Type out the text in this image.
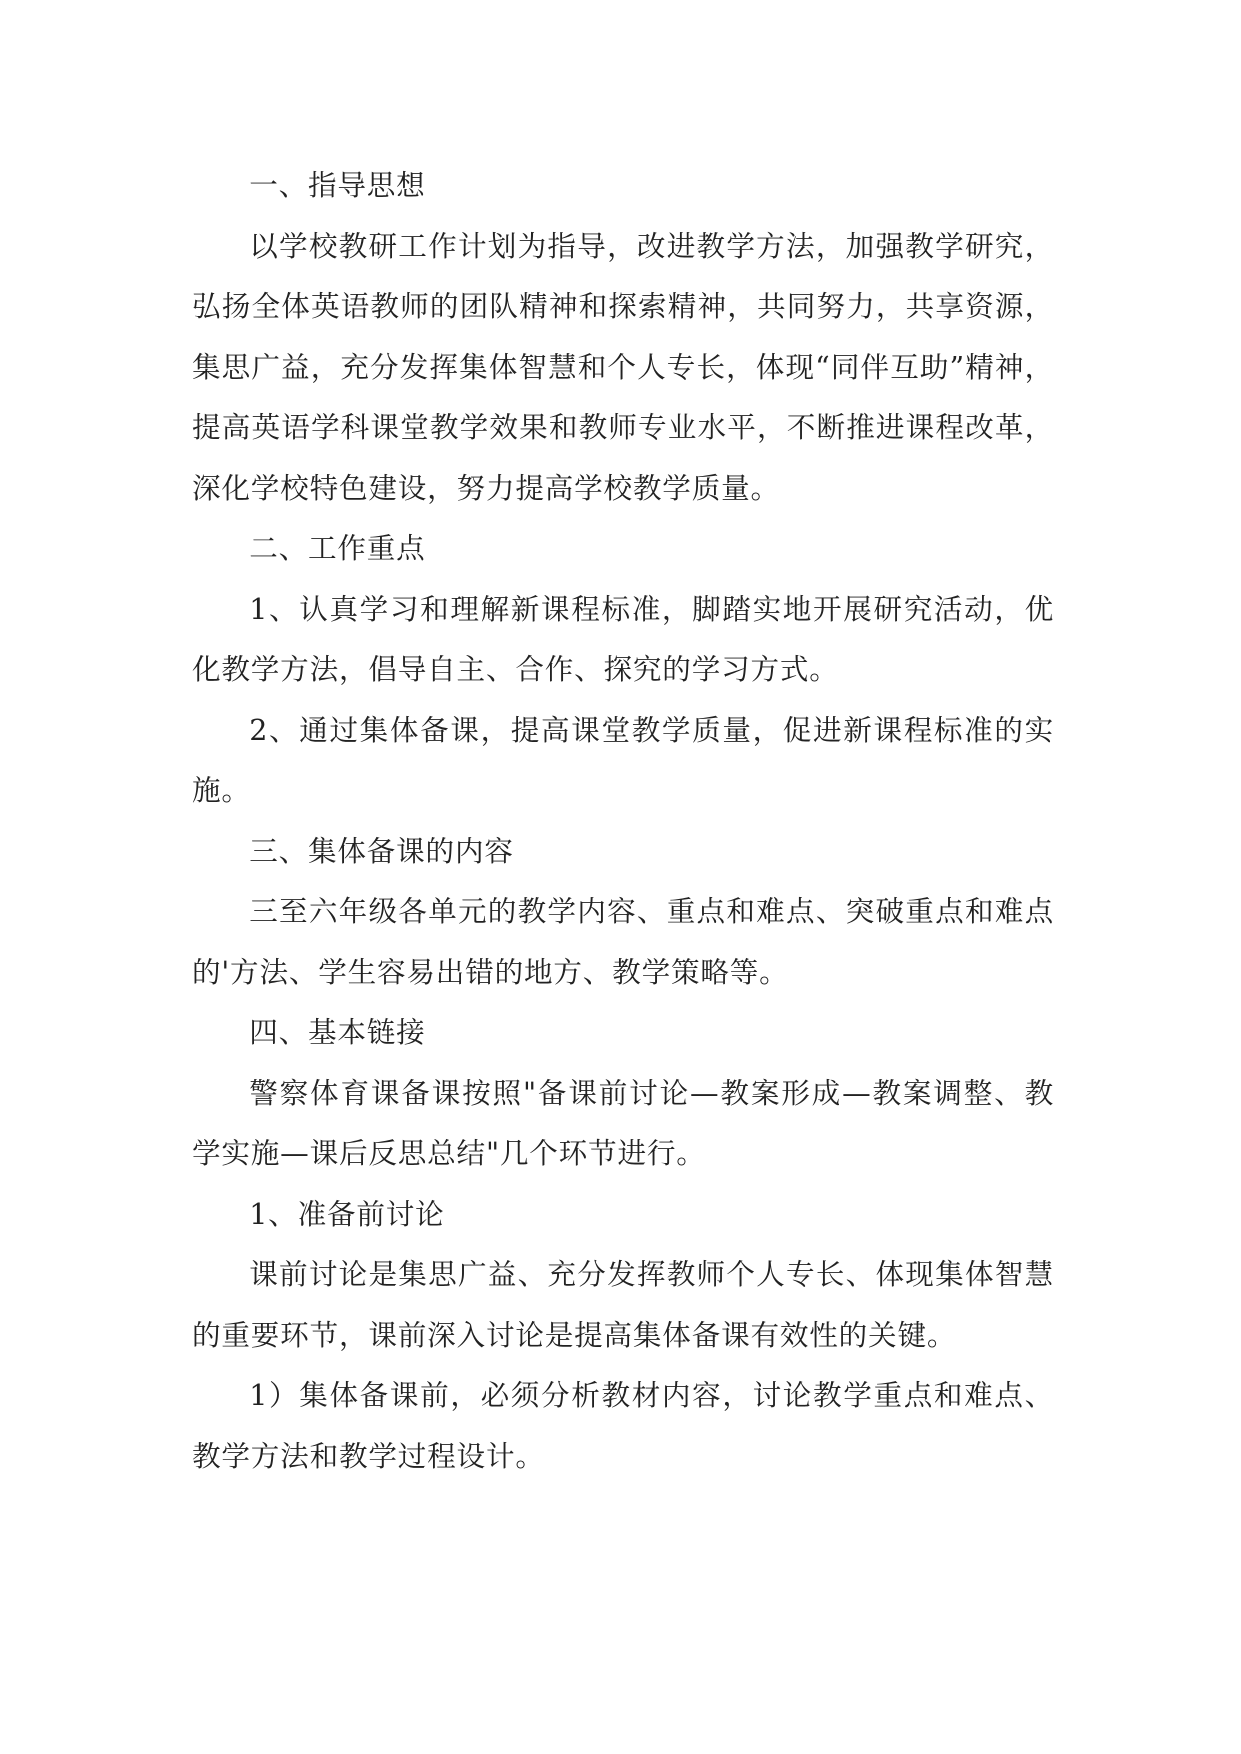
一、指导思想

以学校教研工作计划为指导，改进教学方法，加强教学研究，弘扬全体英语教师的团队精神和探索精神，共同努力，共享资源，集思广益，充分发挥集体智慧和个人专长，体现“同伴互助”精神，提高英语学科课堂教学效果和教师专业水平，不断推进课程改革，深化学校特色建设，努力提高学校教学质量。

二、工作重点

1、认真学习和理解新课程标准，脚踏实地开展研究活动，优化教学方法，倡导自主、合作、探究的学习方式。

2、通过集体备课，提高课堂教学质量，促进新课程标准的实施。

三、集体备课的内容

三至六年级各单元的教学内容、重点和难点、突破重点和难点的'方法、学生容易出错的地方、教学策略等。

四、基本链接

警察体育课备课按照"备课前讨论—教案形成—教案调整、教学实施—课后反思总结"几个环节进行。

1、准备前讨论

课前讨论是集思广益、充分发挥教师个人专长、体现集体智慧的重要环节，课前深入讨论是提高集体备课有效性的关键。

1）集体备课前，必须分析教材内容，讨论教学重点和难点、教学方法和教学过程设计。
